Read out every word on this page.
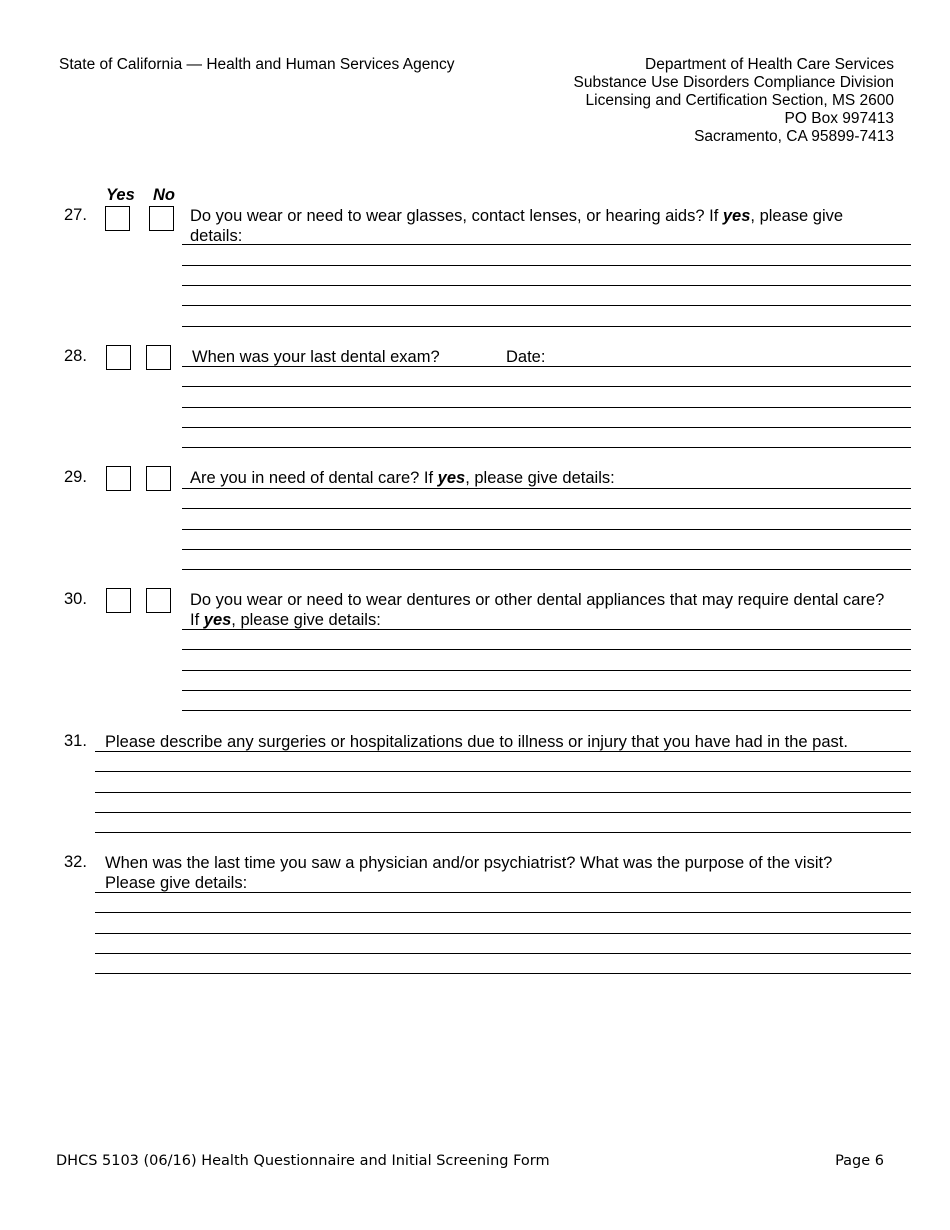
State of California — Health and Human Services Agency	Department of Health Care Services
Substance Use Disorders Compliance Division
Licensing and Certification Section, MS 2600
PO Box 997413
Sacramento, CA 95899-7413
Yes No
27.	Do you wear or need to wear glasses, contact lenses, or hearing aids? If yes, please give
details:
28.	When was your last dental exam?	Date:
29.	Are you in need of dental care? If yes, please give details:
30.	Do you wear or need to wear dentures or other dental appliances that may require dental care?
If yes, please give details:
31. Please describe any surgeries or hospitalizations due to illness or injury that you have had in the past.
32. When was the last time you saw a physician and/or psychiatrist? What was the purpose of the visit?
Please give details:
DHCS 5103 (06/16) Health Questionnaire and Initial Screening Form	Page 6
